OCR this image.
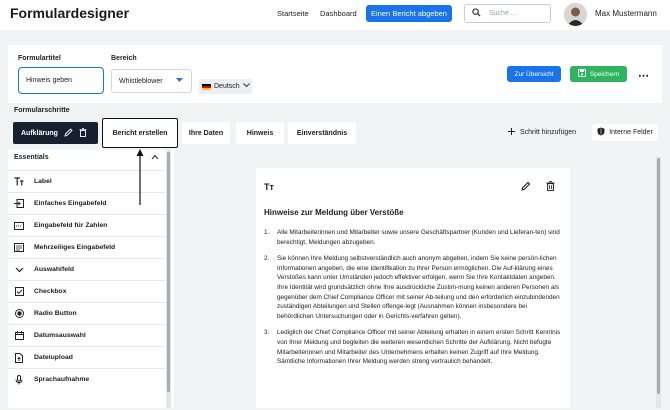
Formulardesigner	Startseite Dashboard	Einen Bericht abgeben	Suche ...	Max Mustermann
Formulartitel
Hinweis geben
Bereich
Whistleblower
Deutsch
Zur Übersicht	Speichern ⋯
Formularschritte
Aufklärung	Bericht erstellen	Ihre Daten	Hinweis	Einverständnis	Schritt hinzufügen	Interne Felder
Essentials
Label
Einfaches Eingabefeld
Eingabefeld für Zahlen
Mehrzeiliges Eingabefeld
Auswahlfeld
Checkbox
Radio Button
Datumsauswahl
Dateiupload
Sprachaufnahme
Tт
Hinweise zur Meldung über Verstöße
1.	Alle Mitarbeiterinnen und Mitarbeiter sowie unsere Geschäftspartner (Kunden und Lieferan-ten) sind berechtigt, Meldungen abzugeben.
2.	Sie können Ihre Meldung selbstverständlich auch anonym abgeben, indem Sie keine persön-lichen Informationen angeben, die eine Identifikation zu Ihrer Person ermöglichen. Die Auf-klärung eines Verstoßes kann unter Umständen jedoch effektiver erfolgen, wenn Sie Ihre Kontaktdaten angeben. Ihre Identität wird grundsätzlich ohne Ihre ausdrückliche Zustim-mung keinen anderen Personen als gegenüber dem Chief Compliance Officer mit seiner Ab-teilung und den erforderlich einzubindenden zuständigen Abteilungen und Stellen offenge-legt (Ausnahmen können insbesondere bei behördlichen Untersuchungen oder in Gerichts-verfahren gelten).
3.	Lediglich der Chief Compliance Officer mit seiner Abteilung erhalten in einem ersten Schritt Kenntnis von Ihrer Meldung und begleiten die weiteren wesentlichen Schritte der Aufklärung. Nicht befugte Mitarbeiterinnen und Mitarbeiter des Unternehmens erhalten keinen Zugriff auf Ihre Meldung. Sämtliche Informationen Ihrer Meldung werden streng vertraulich behandelt.
